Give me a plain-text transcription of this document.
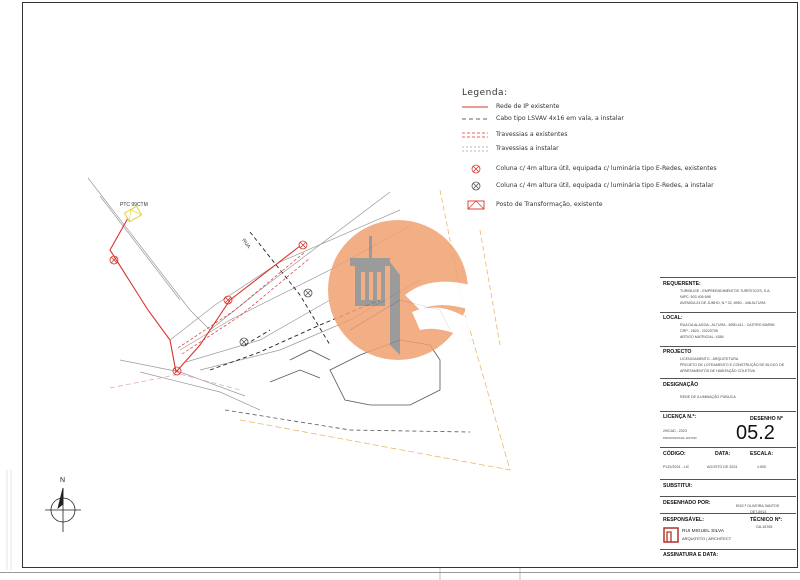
PTC 99CTM
RUA
N
Legenda:
Rede de IP existente
Cabo tipo LSVAV 4x16 em vala, a instalar
Travessias a existentes
Travessias a instalar
Coluna c/ 4m altura útil, equipada c/ luminária tipo E-Redes, existentes
Coluna c/ 4m altura útil, equipada c/ luminária tipo E-Redes, a instalar
Posto de Transformação, existente
REQUERENTE:
TURIMUGE - EMPREENDIMENTOS TURÍSTICOS, S.A.
NIPC: 503 406 698
AVENIDA 24 DE JUNHO, N.º 32, 8950 - 446 ALTURA
LOCAL:
RUA DA ALAGOA - ALTURA - 8950-411 - CASTRO MARIM
CRP - 2820 - 20220706
ARTIGO MATRICIAL: 4384
PROJECTO
LICENCIAMENTO - ARQUITETURA
PROJETO DE LOTEAMENTO E CONSTRUÇÃO DE BLOCO DE
APARTAMENTOS DE HABITAÇÃO COLETIVA
DESIGNAÇÃO
REDE DE ILUMINAÇÃO PÚBLICA
LICENÇA N.º:
29/CAD - 2023
PROFISSIONAL DOTOR
DESENHO Nº
05.2
CÓDIGO:	DATA:	ESCALA:
P132/2024 - LIC	AGOSTO DE 2024	1:500
SUBSTITUI:
DESENHADO POR:	ENG.ª OLIVEIRA SANTOS
OET-8913
RESPONSÁVEL:	TÉCNICO Nº:
OA-18765
RUI MIGUEL SILVA
ARQUITETO | ARCHITECT
ASSINATURA E DATA:
